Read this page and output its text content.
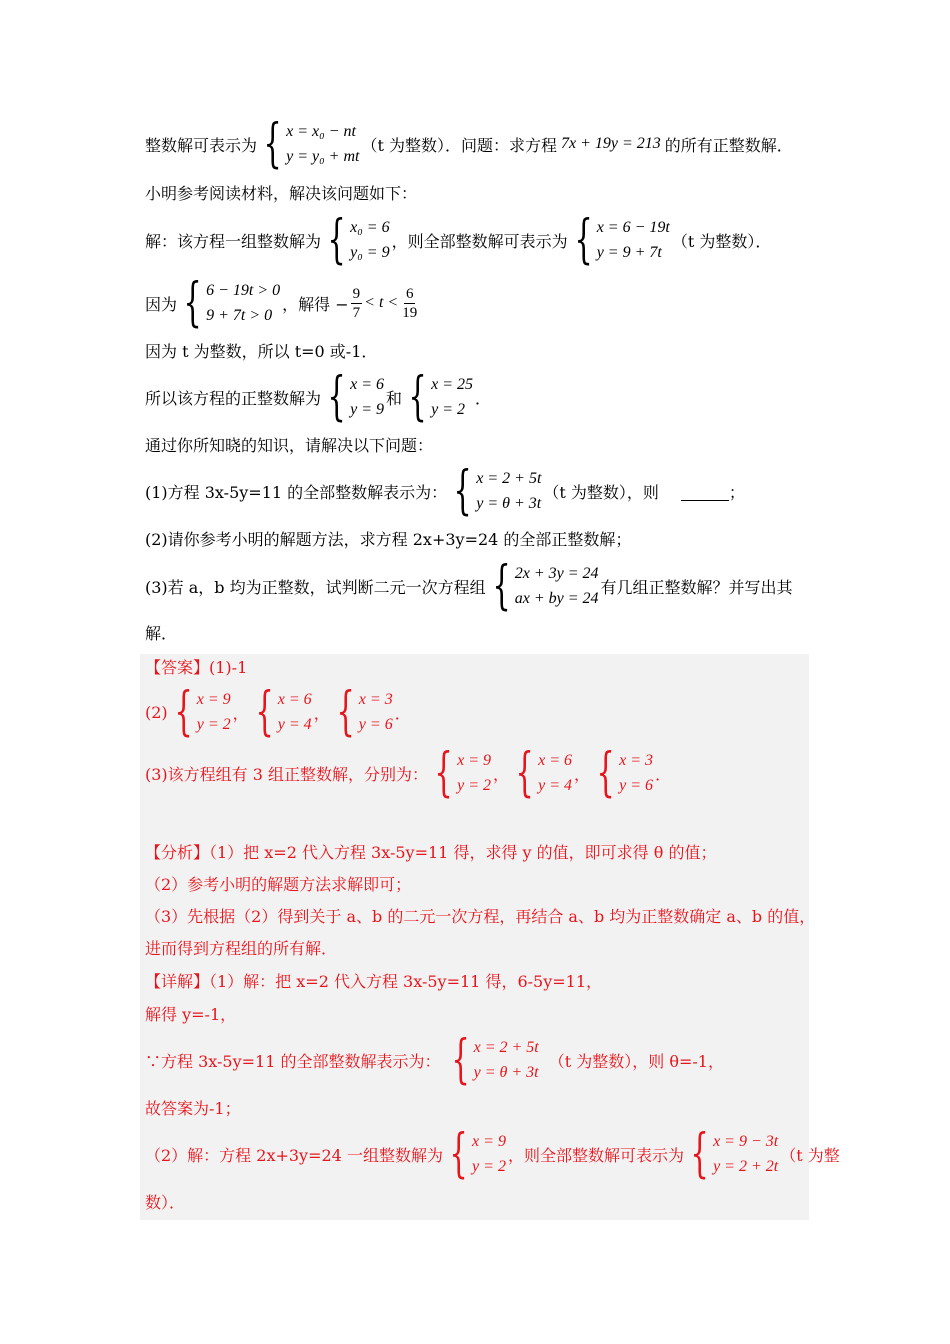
整数解可表示为 { x = x₀ − nt
y = y₀ + mt
（t 为整数）．问题：求方程 7x + 19y = 213 的所有正整数解．
小明参考阅读材料，解决该问题如下：
解：该方程一组整数解为 { x₀ = 6
y₀ = 9
，则全部整数解可表示为 { x = 6 − 19t
y = 9 + 7t
（t 为整数）．
因为 { 6 − 19t > 0
9 + 7t > 0
，解得 − $\frac{9}{7} < t < \frac{6}{19}$
因为 t 为整数，所以 t=0 或-1．
所以该方程的正整数解为 { x = 6
y = 9
和 { x = 25
y = 2
．
通过你所知晓的知识，请解决以下问题：
(1)方程 3x-5y=11 的全部整数解表示为： { x = 2 + 5t
y = θ + 3t
（t 为整数），则	；
(2)请你参考小明的解题方法，求方程 2x+3y=24 的全部正整数解；
(3)若 a，b 均为正整数，试判断二元一次方程组 { 2x + 3y = 24
ax + by = 24
有几组正整数解？并写出其
解．
【答案】(1)-1
(2) { x = 9
y = 2
， { x = 6
y = 4
， { x = 3
y = 6
．
(3)该方程组有 3 组正整数解，分别为： { x = 9
y = 2
， { x = 6
y = 4
， { x = 3
y = 6
．
【分析】（1）把 x=2 代入方程 3x-5y=11 得，求得 y 的值，即可求得 θ 的值；
（2）参考小明的解题方法求解即可；
（3）先根据（2）得到关于 a、b 的二元一次方程，再结合 a、b 均为正整数确定 a、b 的值，
进而得到方程组的所有解．
【详解】（1）解：把 x=2 代入方程 3x-5y=11 得，6-5y=11，
解得 y=-1，
∵方程 3x-5y=11 的全部整数解表示为： { x = 2 + 5t
y = θ + 3t
（t 为整数），则 θ=-1，
故答案为-1；
（2）解：方程 2x+3y=24 一组整数解为 { x = 9
y = 2
，则全部整数解可表示为 { x = 9 − 3t
y = 2 + 2t
（t 为整
数）．
